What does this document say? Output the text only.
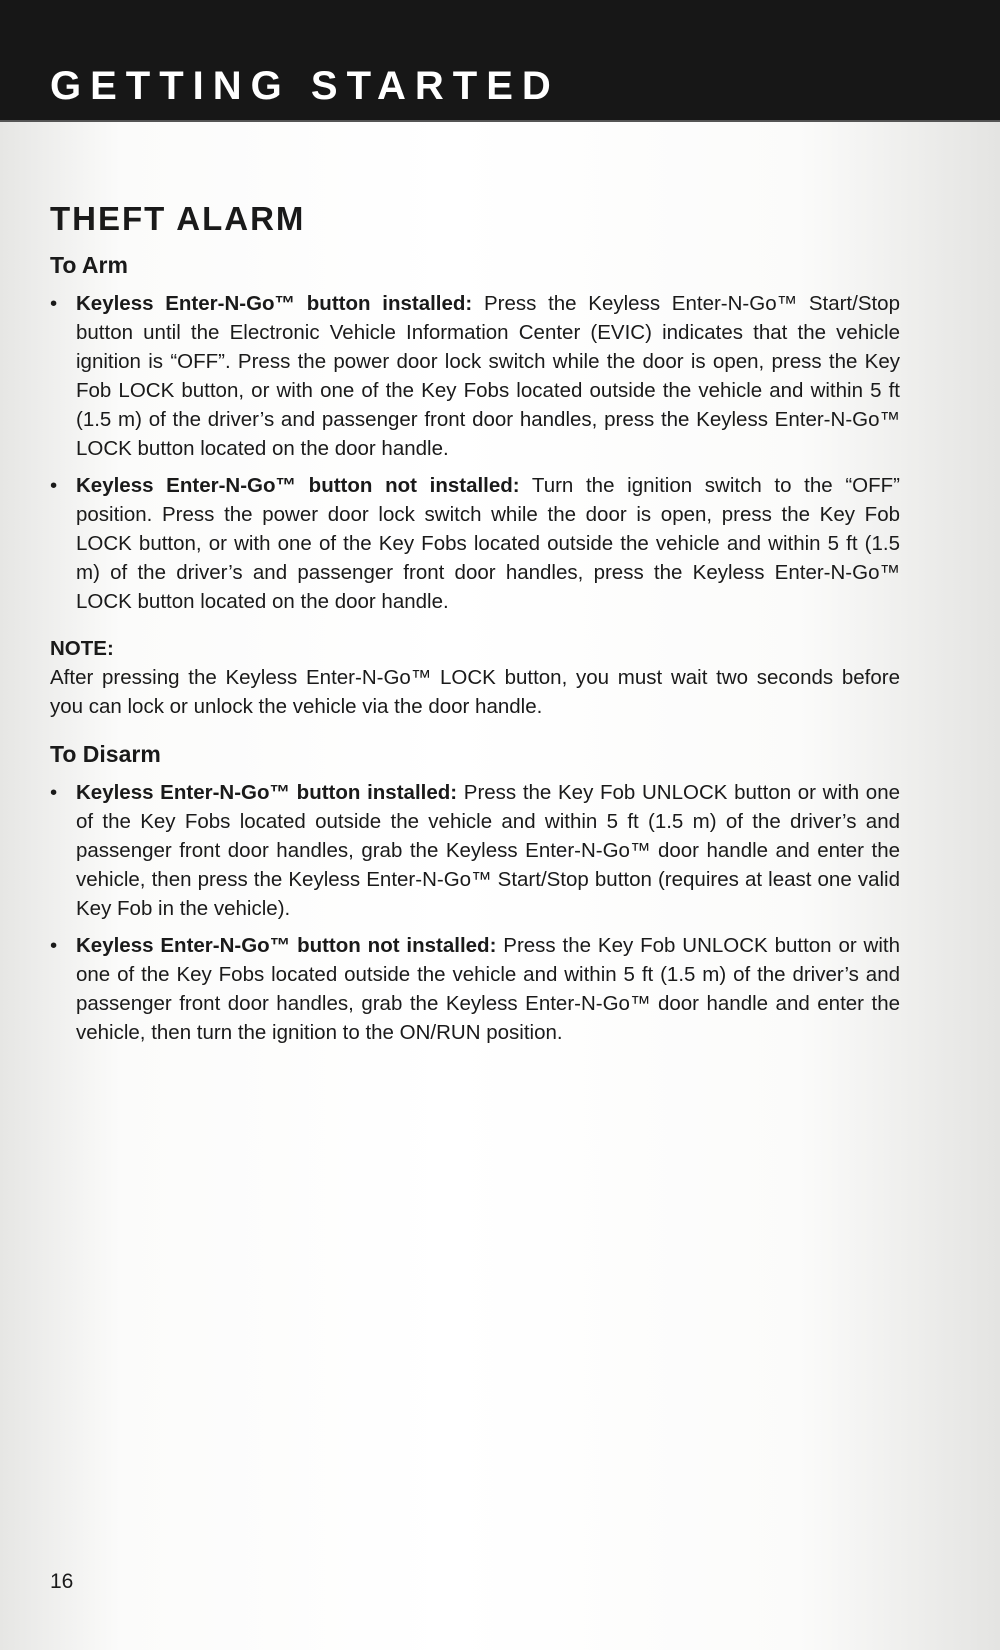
GETTING STARTED
THEFT ALARM
To Arm
• Keyless Enter-N-Go™ button installed: Press the Keyless Enter-N-Go™ Start/Stop button until the Electronic Vehicle Information Center (EVIC) indicates that the vehicle ignition is “OFF”. Press the power door lock switch while the door is open, press the Key Fob LOCK button, or with one of the Key Fobs located outside the vehicle and within 5 ft (1.5 m) of the driver’s and passenger front door handles, press the Keyless Enter-N-Go™ LOCK button located on the door handle.
• Keyless Enter-N-Go™ button not installed: Turn the ignition switch to the “OFF” position. Press the power door lock switch while the door is open, press the Key Fob LOCK button, or with one of the Key Fobs located outside the vehicle and within 5 ft (1.5 m) of the driver’s and passenger front door handles, press the Keyless Enter-N-Go™ LOCK button located on the door handle.

NOTE:

After pressing the Keyless Enter-N-Go™ LOCK button, you must wait two seconds before you can lock or unlock the vehicle via the door handle.

To Disarm
• Keyless Enter-N-Go™ button installed: Press the Key Fob UNLOCK button or with one of the Key Fobs located outside the vehicle and within 5 ft (1.5 m) of the driver’s and passenger front door handles, grab the Keyless Enter-N-Go™ door handle and enter the vehicle, then press the Keyless Enter-N-Go™ Start/Stop button (requires at least one valid Key Fob in the vehicle).
• Keyless Enter-N-Go™ button not installed: Press the Key Fob UNLOCK button or with one of the Key Fobs located outside the vehicle and within 5 ft (1.5 m) of the driver’s and passenger front door handles, grab the Keyless Enter-N-Go™ door handle and enter the vehicle, then turn the ignition to the ON/RUN position.
16
